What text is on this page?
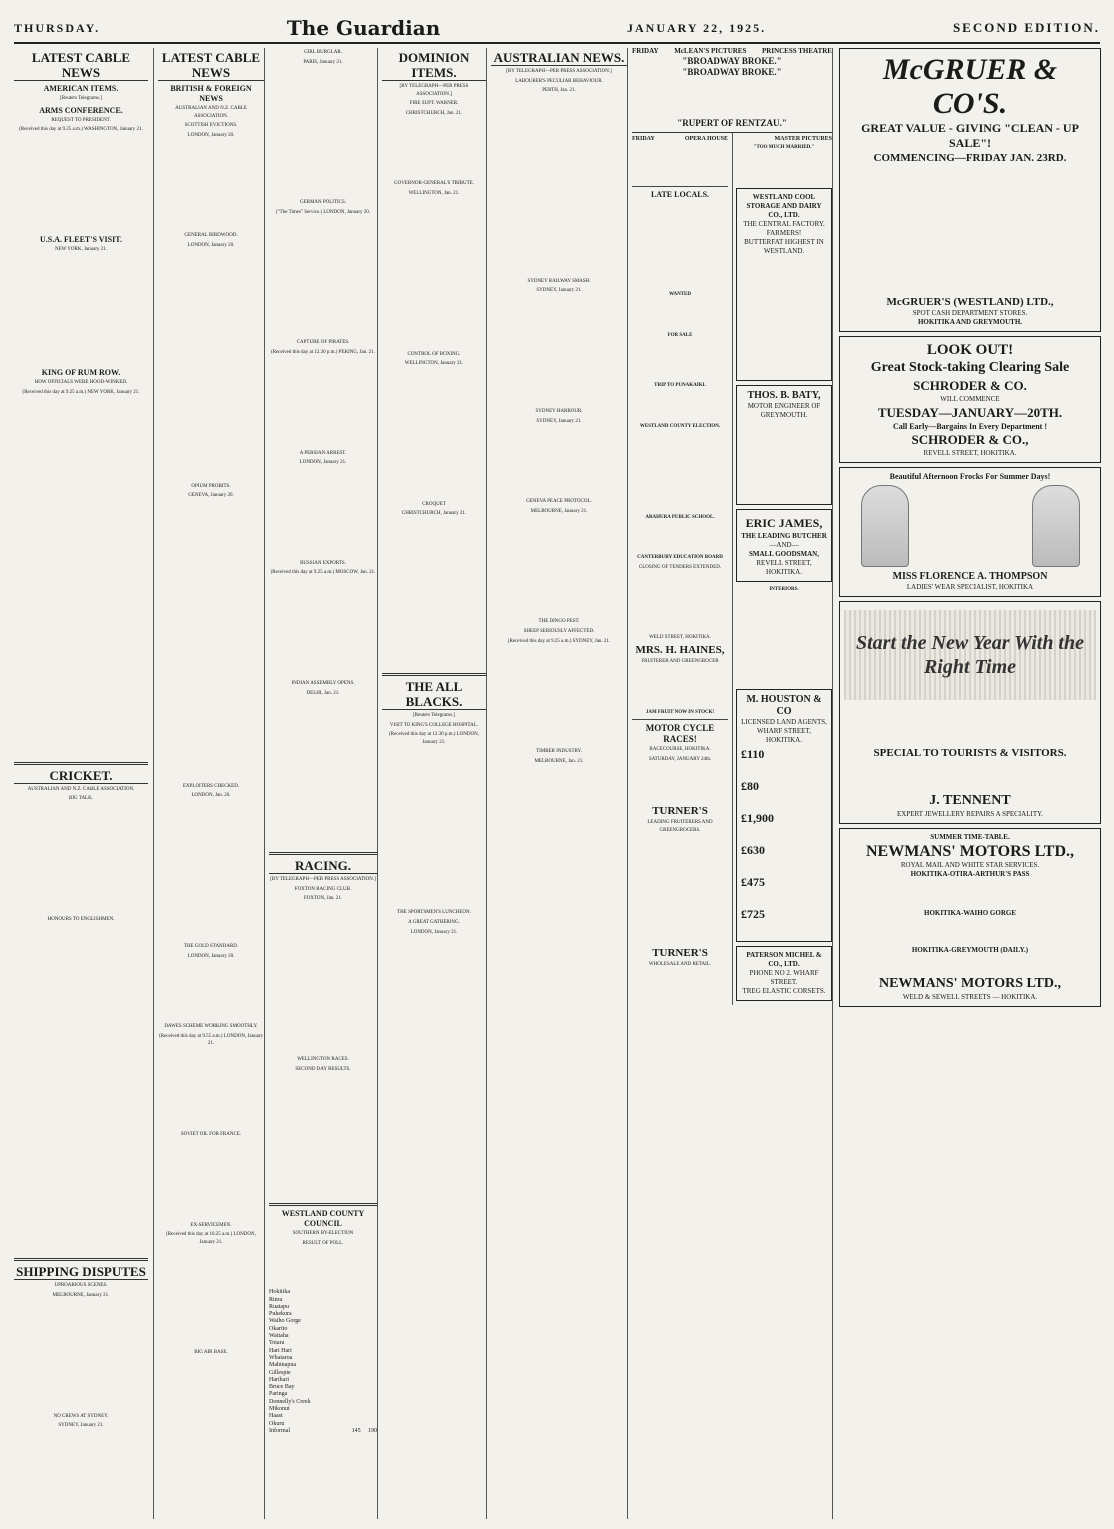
THURSDAY.	The Guardian	JANUARY 22, 1925.	SECOND EDITION.
LATEST CABLE NEWS
AMERICAN ITEMS.
[Reuters Telegrams.]
ARMS CONFERENCE.
REQUEST TO PRESIDENT.
(Received this day at 9.25 a.m.) WASHINGTON, January 21.
U.S.A. FLEET'S VISIT.
NEW YORK, January 21.
KING OF RUM ROW.
HOW OFFICIALS WERE HOOD-WINKED.
(Received this day at 9.25 a.m.) NEW YORK, January 21.
CRICKET.
AUSTRALIAN AND N.Z. CABLE ASSOCIATION.
BIG TALK.
HONOURS TO ENGLISHMEN.
SHIPPING DISPUTES
UPROARIOUS SCENES.
MELBOURNE, January 21.
NO CREWS AT SYDNEY.
SYDNEY, January 21.
LATEST CABLE NEWS
BRITISH & FOREIGN NEWS
AUSTRALIAN AND N.Z. CABLE ASSOCIATION.
SCOTTISH EVICTIONS.
LONDON, January 20.
GENERAL BIRDWOOD.
LONDON, January 20.
OPIUM PROBITS.
GENEVA, January 20.
EXPLOITERS CHECKED.
LONDON, Jan. 20.
THE GOLD STANDARD.
LONDON, January 20.
DAWES SCHEME WORKING SMOOTHLY.
(Received this day at 9.55 a.m.) LONDON, January 21.
SOVIET OIL FOR FRANCE.
EX-SERVICEMEN.
(Received this day at 10.25 a.m.) LONDON, January 21.
BIG AIR BASE.
GIRL BURGLAR.
PARIS, January 21.
GERMAN POLITICS.
("The Times" Service.) LONDON, January 20.
CAPTURE OF PIRATES.
(Received this day at 12.30 p.m.) PEKING, Jan. 21.
A PERSIAN ARREST.
LONDON, January 21.
RUSSIAN EXPORTS.
(Received this day at 9.25 a.m.) MOSCOW, Jan. 21.
INDIAN ASSEMBLY OPENS.
DELHI, Jan. 21.
RACING.
[BY TELEGRAPH—PER PRESS ASSOCIATION.]
FOXTON RACING CLUB.
FOXTON, Jan. 21.
WELLINGTON RACES.
SECOND DAY RESULTS.
WESTLAND COUNTY COUNCIL
SOUTHERN BY-ELECTION
RESULT OF POLL.
Hokitika		
Rimu		
Ruatapu		
Pukekura		
Waiho Gorge		
Okarito		
Waitaha		
Totara		
Hari Hari		
Whataroa		
Mahinapua		
Gillespie		
Harihari		
Bruce Bay		
Paringa		
Donnelly's Creek		
Mikonui		
Haast		
Okuru		
Informal	145	190
DOMINION ITEMS.
[BY TELEGRAPH—PER PRESS ASSOCIATION.]
FIRE SUPT. WARNER.
CHRISTCHURCH, Jan. 21.
GOVERNOR-GENERAL'S TRIBUTE.
WELLINGTON, Jan. 21.
CONTROL OF BOXING.
WELLINGTON, January 21.
CROQUET
CHRISTCHURCH, January 21.
THE ALL BLACKS.
[Reuters Telegrams.]
VISIT TO KING'S COLLEGE HOSPITAL.
(Received this day at 12.30 p.m.) LONDON, January 21.
THE SPORTSMEN'S LUNCHEON.
A GREAT GATHERING.
LONDON, January 21.
AUSTRALIAN NEWS.
[BY TELEGRAPH—PER PRESS ASSOCIATION.]
LABOURER'S PECULIAR BEHAVIOUR.
PERTH, Jan. 21.
SYDNEY RAILWAY SMASH.
SYDNEY, January 21.
SYDNEY HARBOUR.
SYDNEY, January 21.
GENEVA PEACE PROTOCOL.
MELBOURNE, January 21.
THE DINGO PEST.
SHEEP SERIOUSLY AFFECTED.
(Received this day at 9.25 a.m.) SYDNEY, Jan. 21.
TIMBER INDUSTRY.
MELBOURNE, Jan. 21.
FRIDAY McLEAN'S PICTURES PRINCESS THEATRE
"BROADWAY BROKE."
"BROADWAY BROKE."
"RUPERT OF RENTZAU."
FRIDAY	OPERA HOUSE
LATE LOCALS.
WANTED
FOR SALE
TRIP TO PUNAKAIKI.
WESTLAND COUNTY ELECTION.
ARAHURA PUBLIC SCHOOL.
CANTERBURY EDUCATION BOARD
CLOSING OF TENDERS EXTENDED.
WELD STREET, HOKITIKA.
MRS. H. HAINES,
FRUITERER AND GREENGROCER
JAM FRUIT NOW IN STOCK!
MOTOR CYCLE RACES!
RACECOURSE, HOKITIKA.
SATURDAY, JANUARY 24th.
TURNER'S
LEADING FRUITERERS AND GREENGROCERS.
TURNER'S
WHOLESALE AND RETAIL.
MASTER PICTURES
"TOO MUCH MARRIED."
WESTLAND COOL STORAGE AND DAIRY CO., LTD.
THE CENTRAL FACTORY.
FARMERS!
BUTTERFAT HIGHEST IN WESTLAND.
THOS. B. BATY,
MOTOR ENGINEER OF GREYMOUTH.
ERIC JAMES,
THE LEADING BUTCHER
—AND—
SMALL GOODSMAN,
REVELL STREET, HOKITIKA.
INTERIORS.
M. HOUSTON & CO
LICENSED LAND AGENTS,
WHARF STREET, HOKITIKA.
£110
£80
£1,900
£630
£475
£725
PATERSON MICHEL & CO., LTD.
PHONE NO 2. WHARF STREET.
TREG ELASTIC CORSETS.
McGRUER & CO'S.
GREAT VALUE - GIVING "CLEAN - UP SALE"!
COMMENCING—FRIDAY JAN. 23RD.
McGRUER'S (WESTLAND) LTD.,
SPOT CASH DEPARTMENT STORES.
HOKITIKA AND GREYMOUTH.
LOOK OUT!
Great Stock-taking Clearing Sale
SCHRODER & CO.
WILL COMMENCE
TUESDAY—JANUARY—20TH.
Call Early—Bargains In Every Department !
SCHRODER & CO.,
REVELL STREET, HOKITIKA.
Beautiful Afternoon Frocks For Summer Days!
MISS FLORENCE A. THOMPSON
LADIES' WEAR SPECIALIST, HOKITIKA
Start the New Year With the Right Time
SPECIAL TO TOURISTS & VISITORS.
J. TENNENT
EXPERT JEWELLERY REPAIRS A SPECIALITY.
SUMMER TIME-TABLE.
NEWMANS' MOTORS LTD.,
ROYAL MAIL AND WHITE STAR SERVICES.
HOKITIKA-OTIRA-ARTHUR'S PASS
HOKITIKA-WAIHO GORGE
HOKITIKA-GREYMOUTH (DAILY.)
NEWMANS' MOTORS LTD.,
WELD & SEWELL STREETS — HOKITIKA.
